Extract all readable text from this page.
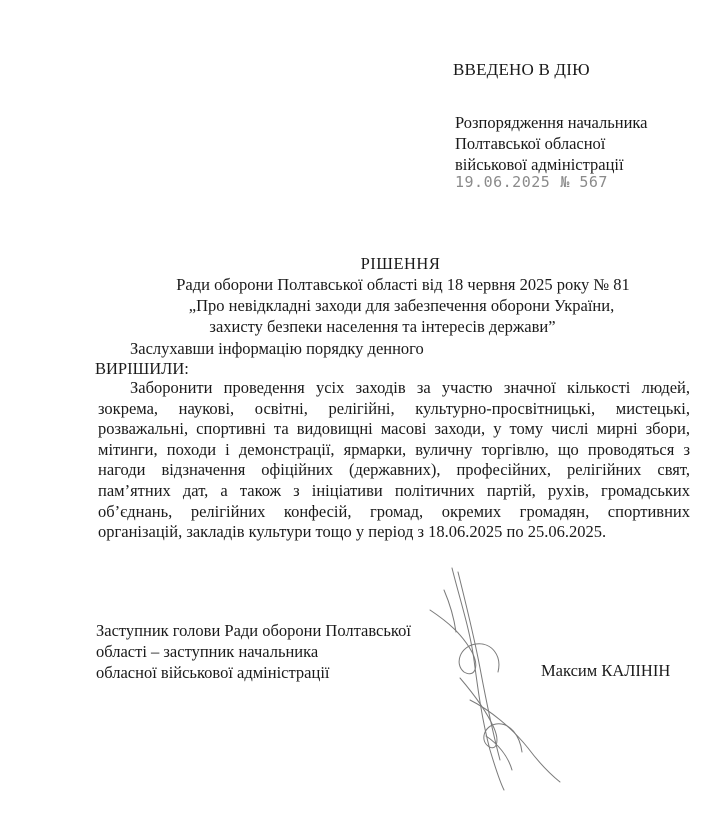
ВВЕДЕНО В ДІЮ
Розпорядження начальника
Полтавської обласної
військової адміністрації
19.06.2025 № 567
РІШЕННЯ
Ради оборони Полтавської області від 18 червня 2025 року № 81
„Про невідкладні заходи для забезпечення оборони України,
захисту безпеки населення та інтересів держави”
Заслухавши інформацію порядку денного
ВИРІШИЛИ:
Заборонити проведення усіх заходів за участю значної кількості людей, зокрема, наукові, освітні, релігійні, культурно-просвітницькі, мистецькі, розважальні, спортивні та видовищні масові заходи, у тому числі мирні збори, мітинги, походи і демонстрації, ярмарки, вуличну торгівлю, що проводяться з нагоди відзначення офіційних (державних), професійних, релігійних свят, пам’ятних дат, а також з ініціативи політичних партій, рухів, громадських об’єднань, релігійних конфесій, громад, окремих громадян, спортивних організацій, закладів культури тощо у період з 18.06.2025 по 25.06.2025.
Заступник голови Ради оборони Полтавської
області – заступник начальника
обласної військової адміністрації	Максим КАЛІНІН
